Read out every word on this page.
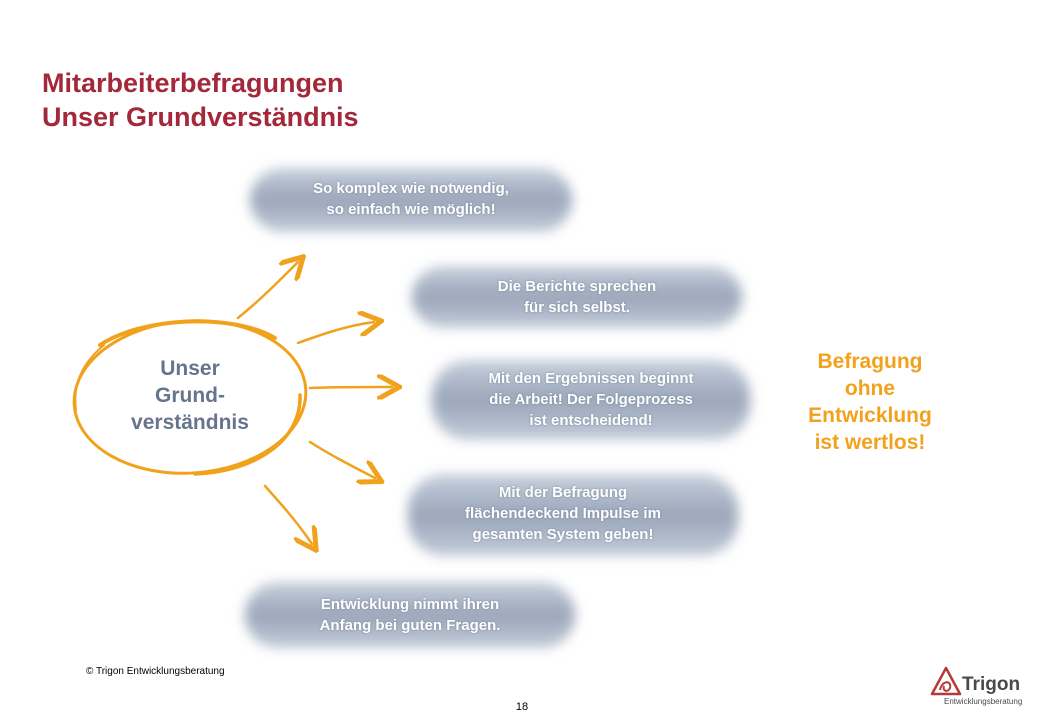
Mitarbeiterbefragungen
Unser Grundverständnis
So komplex wie notwendig,
so einfach wie möglich!
Die Berichte sprechen
für sich selbst.
Mit den Ergebnissen beginnt
die Arbeit! Der Folgeprozess
ist entscheidend!
Mit der Befragung
flächendeckend Impulse im
gesamten System geben!
Entwicklung nimmt ihren
Anfang bei guten Fragen.
Unser
Grund-
verständnis
Befragung
ohne
Entwicklung
ist wertlos!
© Trigon Entwicklungsberatung
18
Trigon
Entwicklungsberatung
